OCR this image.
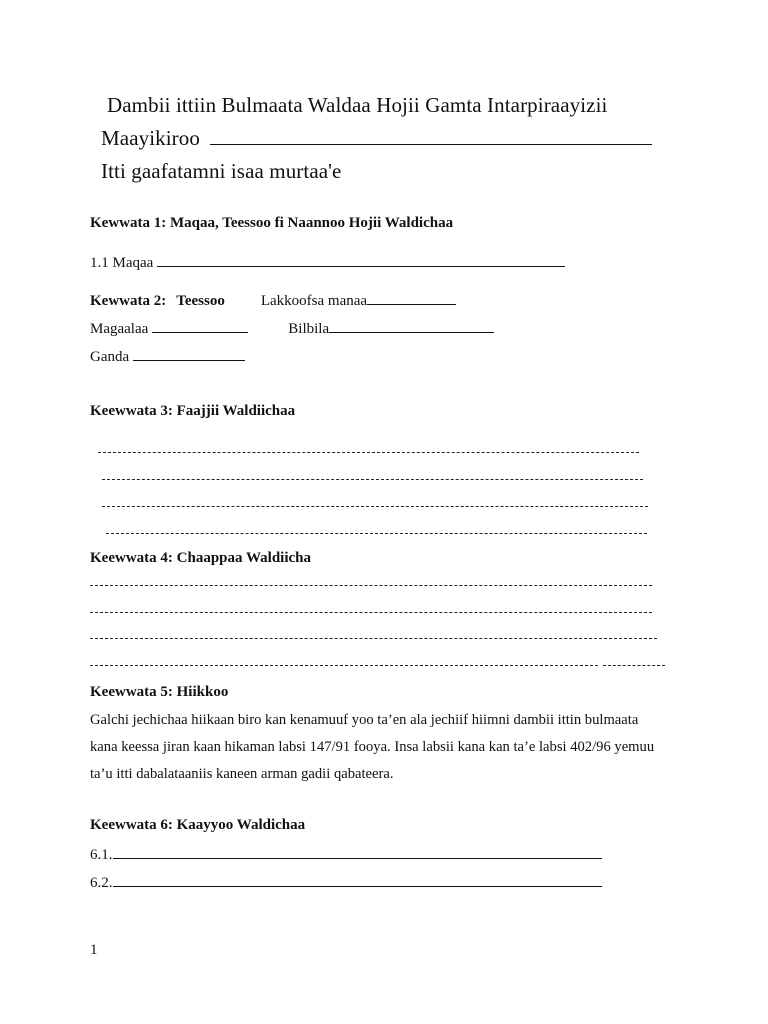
Dambii ittiin Bulmaata Waldaa Hojii Gamta Intarpiraayizii
Maayikiroo
Itti gaafatamni isaa murtaa'e
Kewwata 1: Maqaa, Teessoo fi Naannoo Hojii Waldichaa
1.1 Maqaa
Kewwata 2: Teessoo Lakkoofsa manaa
Magaalaa	Bilbila
Ganda
Keewwata 3: Faajjii Waldiichaa
Keewwata 4: Chaappaa Waldiicha
Keewwata 5: Hiikkoo

Galchi jechichaa hiikaan biro kan kenamuuf yoo ta’en ala jechiif hiimni dambii ittin bulmaata

kana keessa jiran kaan hikaman labsi 147/91 fooya. Insa labsii kana kan ta’e labsi 402/96 yemuu

ta’u itti dabalataaniis kaneen arman gadii qabateera.

Keewwata 6: Kaayyoo Waldichaa
6.1.
6.2.
1
